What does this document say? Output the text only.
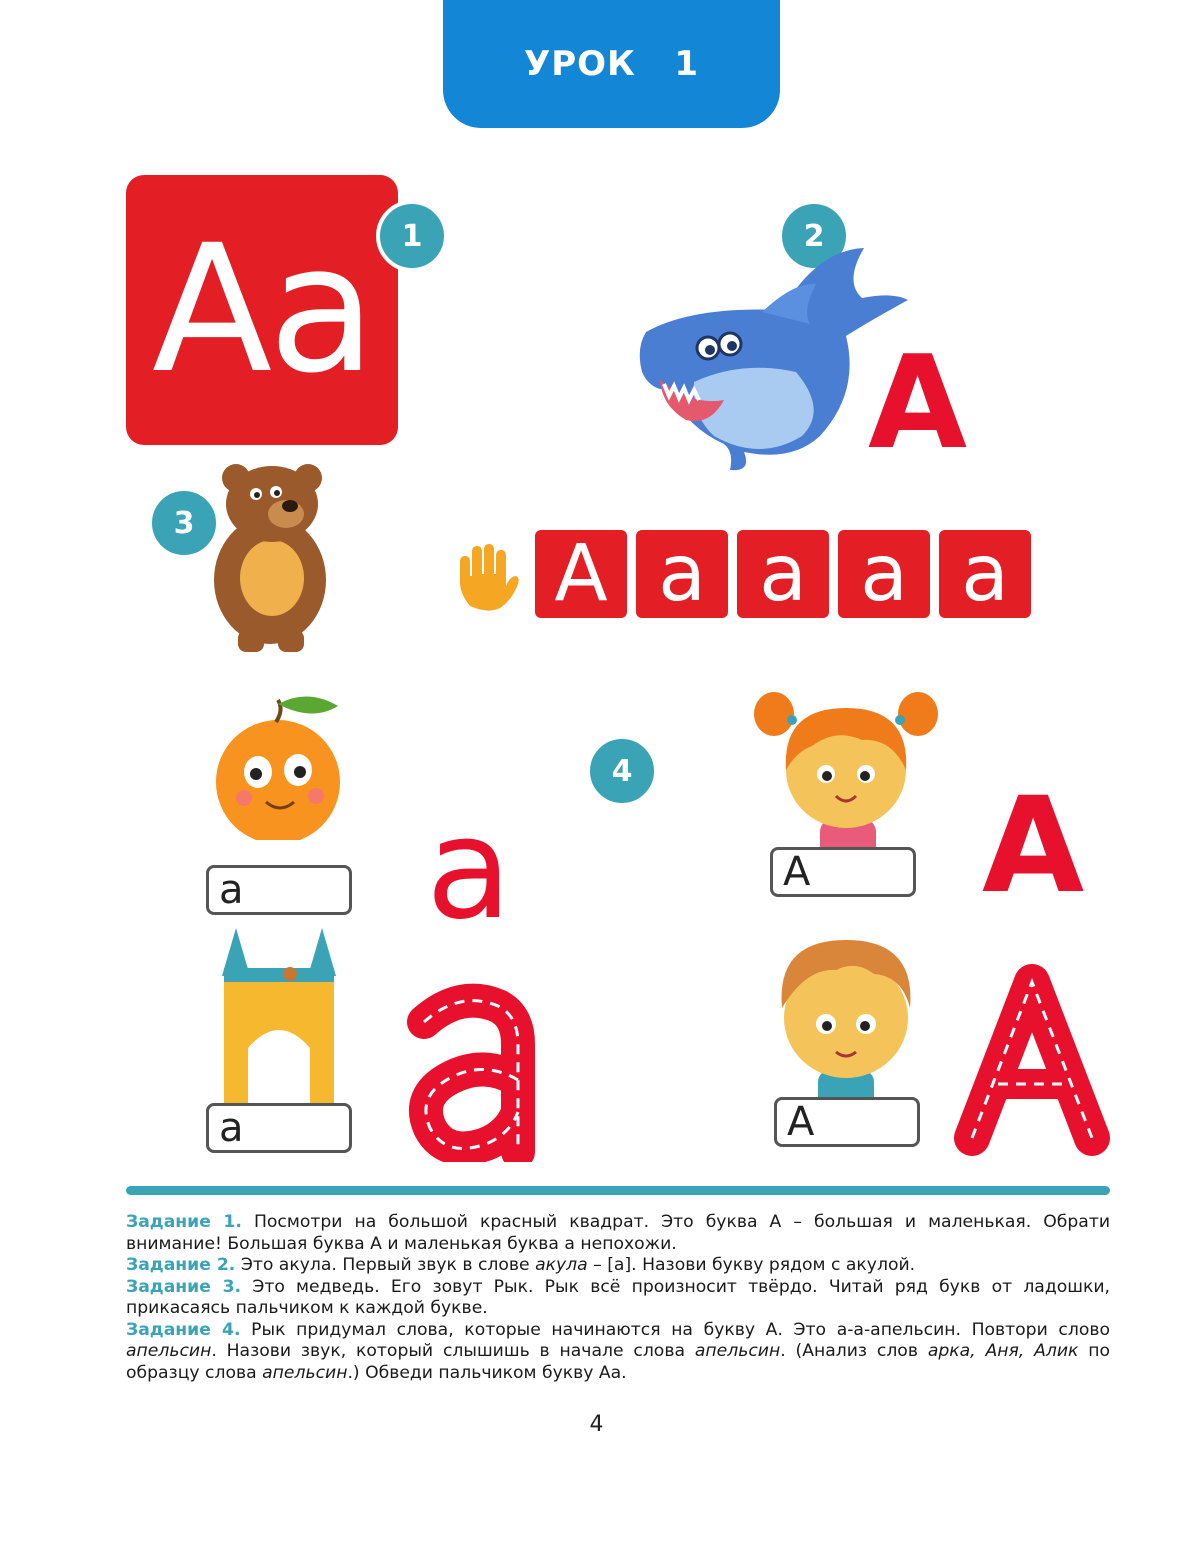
УРОК
1
Aa 1	2
А
3
А а а а а
а	а
4
А	А
а	А

Задание 1. Посмотри на большой красный квадрат. Это буква А – большая и маленькая. Обрати внимание! Большая буква А и маленькая буква а непохожи.

Задание 2. Это акула. Первый звук в слове акула – [а]. Назови букву рядом с акулой.

Задание 3. Это медведь. Его зовут Рык. Рык всё произносит твёрдо. Читай ряд букв от ладошки, прикасаясь пальчиком к каждой букве.

Задание 4. Рык придумал слова, которые начинаются на букву А. Это а-а-апельсин. Повтори слово апельсин. Назови звук, который слышишь в начале слова апельсин. (Анализ слов арка, Аня, Алик по образцу слова апельсин.) Обведи пальчиком букву Аа.

4
